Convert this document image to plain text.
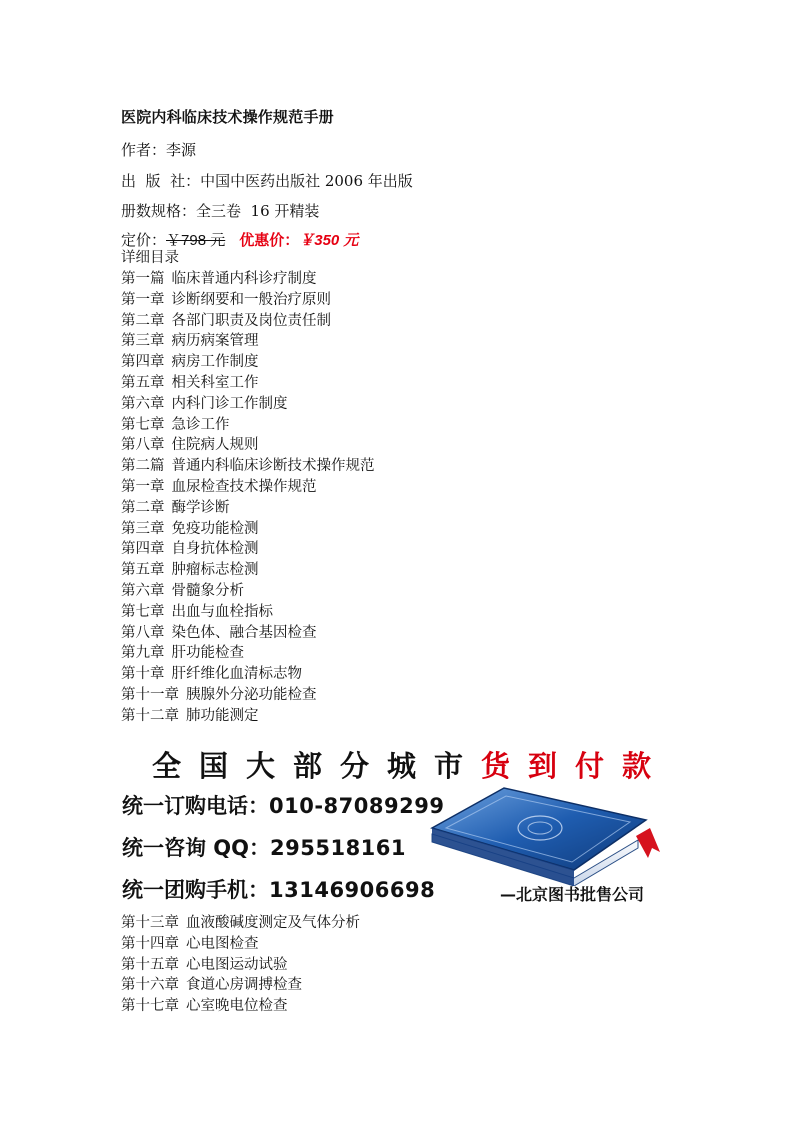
医院内科临床技术操作规范手册
作者：李源
出  版  社：中国中医药出版社 2006 年出版
册数规格：全三卷  16 开精装
定价：￥798 元 优惠价：￥350 元
详细目录
第一篇 临床普通内科诊疗制度
第一章 诊断纲要和一般治疗原则
第二章 各部门职责及岗位责任制
第三章 病历病案管理
第四章 病房工作制度
第五章 相关科室工作
第六章 内科门诊工作制度
第七章 急诊工作
第八章 住院病人规则
第二篇 普通内科临床诊断技术操作规范
第一章 血尿检查技术操作规范
第二章 酶学诊断
第三章 免疫功能检测
第四章 自身抗体检测
第五章 肿瘤标志检测
第六章 骨髓象分析
第七章 出血与血栓指标
第八章 染色体、融合基因检查
第九章 肝功能检查
第十章 肝纤维化血清标志物
第十一章 胰腺外分泌功能检查
第十二章 肺功能测定
全国大部分城市货到付款
统一订购电话：010-87089299
统一咨询 QQ：295518161
统一团购手机：13146906698	—北京图书批售公司
第十三章 血液酸碱度测定及气体分析
第十四章 心电图检查
第十五章 心电图运动试验
第十六章 食道心房调搏检查
第十七章 心室晚电位检查
